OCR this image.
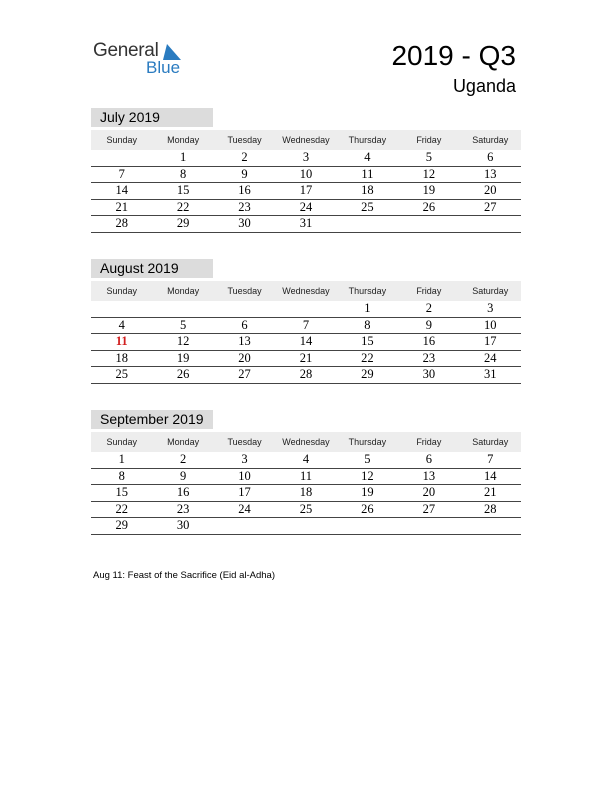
General
Blue	2019 - Q3
Uganda
July 2019
Sunday	Monday	Tuesday	Wednesday	Thursday	Friday	Saturday
	1	2	3	4	5	6
7	8	9	10	11	12	13
14	15	16	17	18	19	20
21	22	23	24	25	26	27
28	29	30	31			
August 2019
Sunday	Monday	Tuesday	Wednesday	Thursday	Friday	Saturday
				1	2	3
4	5	6	7	8	9	10
11	12	13	14	15	16	17
18	19	20	21	22	23	24
25	26	27	28	29	30	31
September 2019
Sunday	Monday	Tuesday	Wednesday	Thursday	Friday	Saturday
1	2	3	4	5	6	7
8	9	10	11	12	13	14
15	16	17	18	19	20	21
22	23	24	25	26	27	28
29	30					
Aug 11: Feast of the Sacrifice (Eid al-Adha)
